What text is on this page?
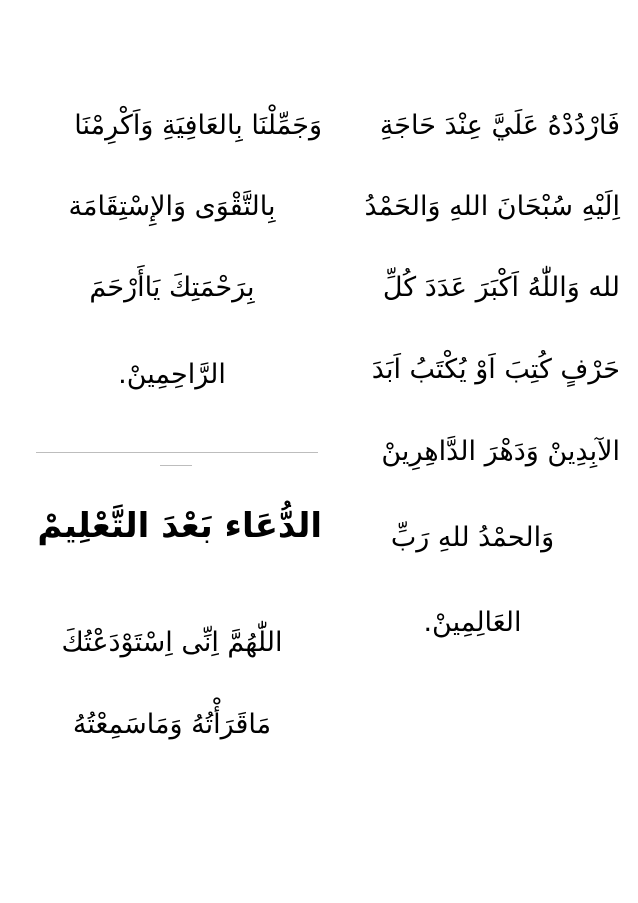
فَارْدُدْهُ عَلَيَّ عِنْدَ حَاجَةِ
اِلَيْهِ سُبْحَانَ اللهِ وَالحَمْدُ
لله وَاللّٰهُ اَكْبَرَ عَدَدَ كُلِّ
حَرْفٍ كُتِبَ اَوْ يُكْتَبُ اَبَدَ
الآبِدِينْ وَدَهْرَ الدَّاهِرِينْ
وَالحمْدُ للهِ رَبِّ
العَالِمِينْ.
وَجَمِّلْنَا بِالعَافِيَةِ وَاَكْرِمْنَا
بِالتَّقْوَى وَالإِسْتِقَامَة
بِرَحْمَتِكَ يَاأَرْحَمَ
الرَّاحِمِينْ.
الدُّعَاء بَعْدَ التَّعْلِيمْ
اللّٰهُمَّ اِنِّى اِسْتَوْدَعْتُكَ
مَاقَرَأْتُهُ وَمَاسَمِعْتُهُ
